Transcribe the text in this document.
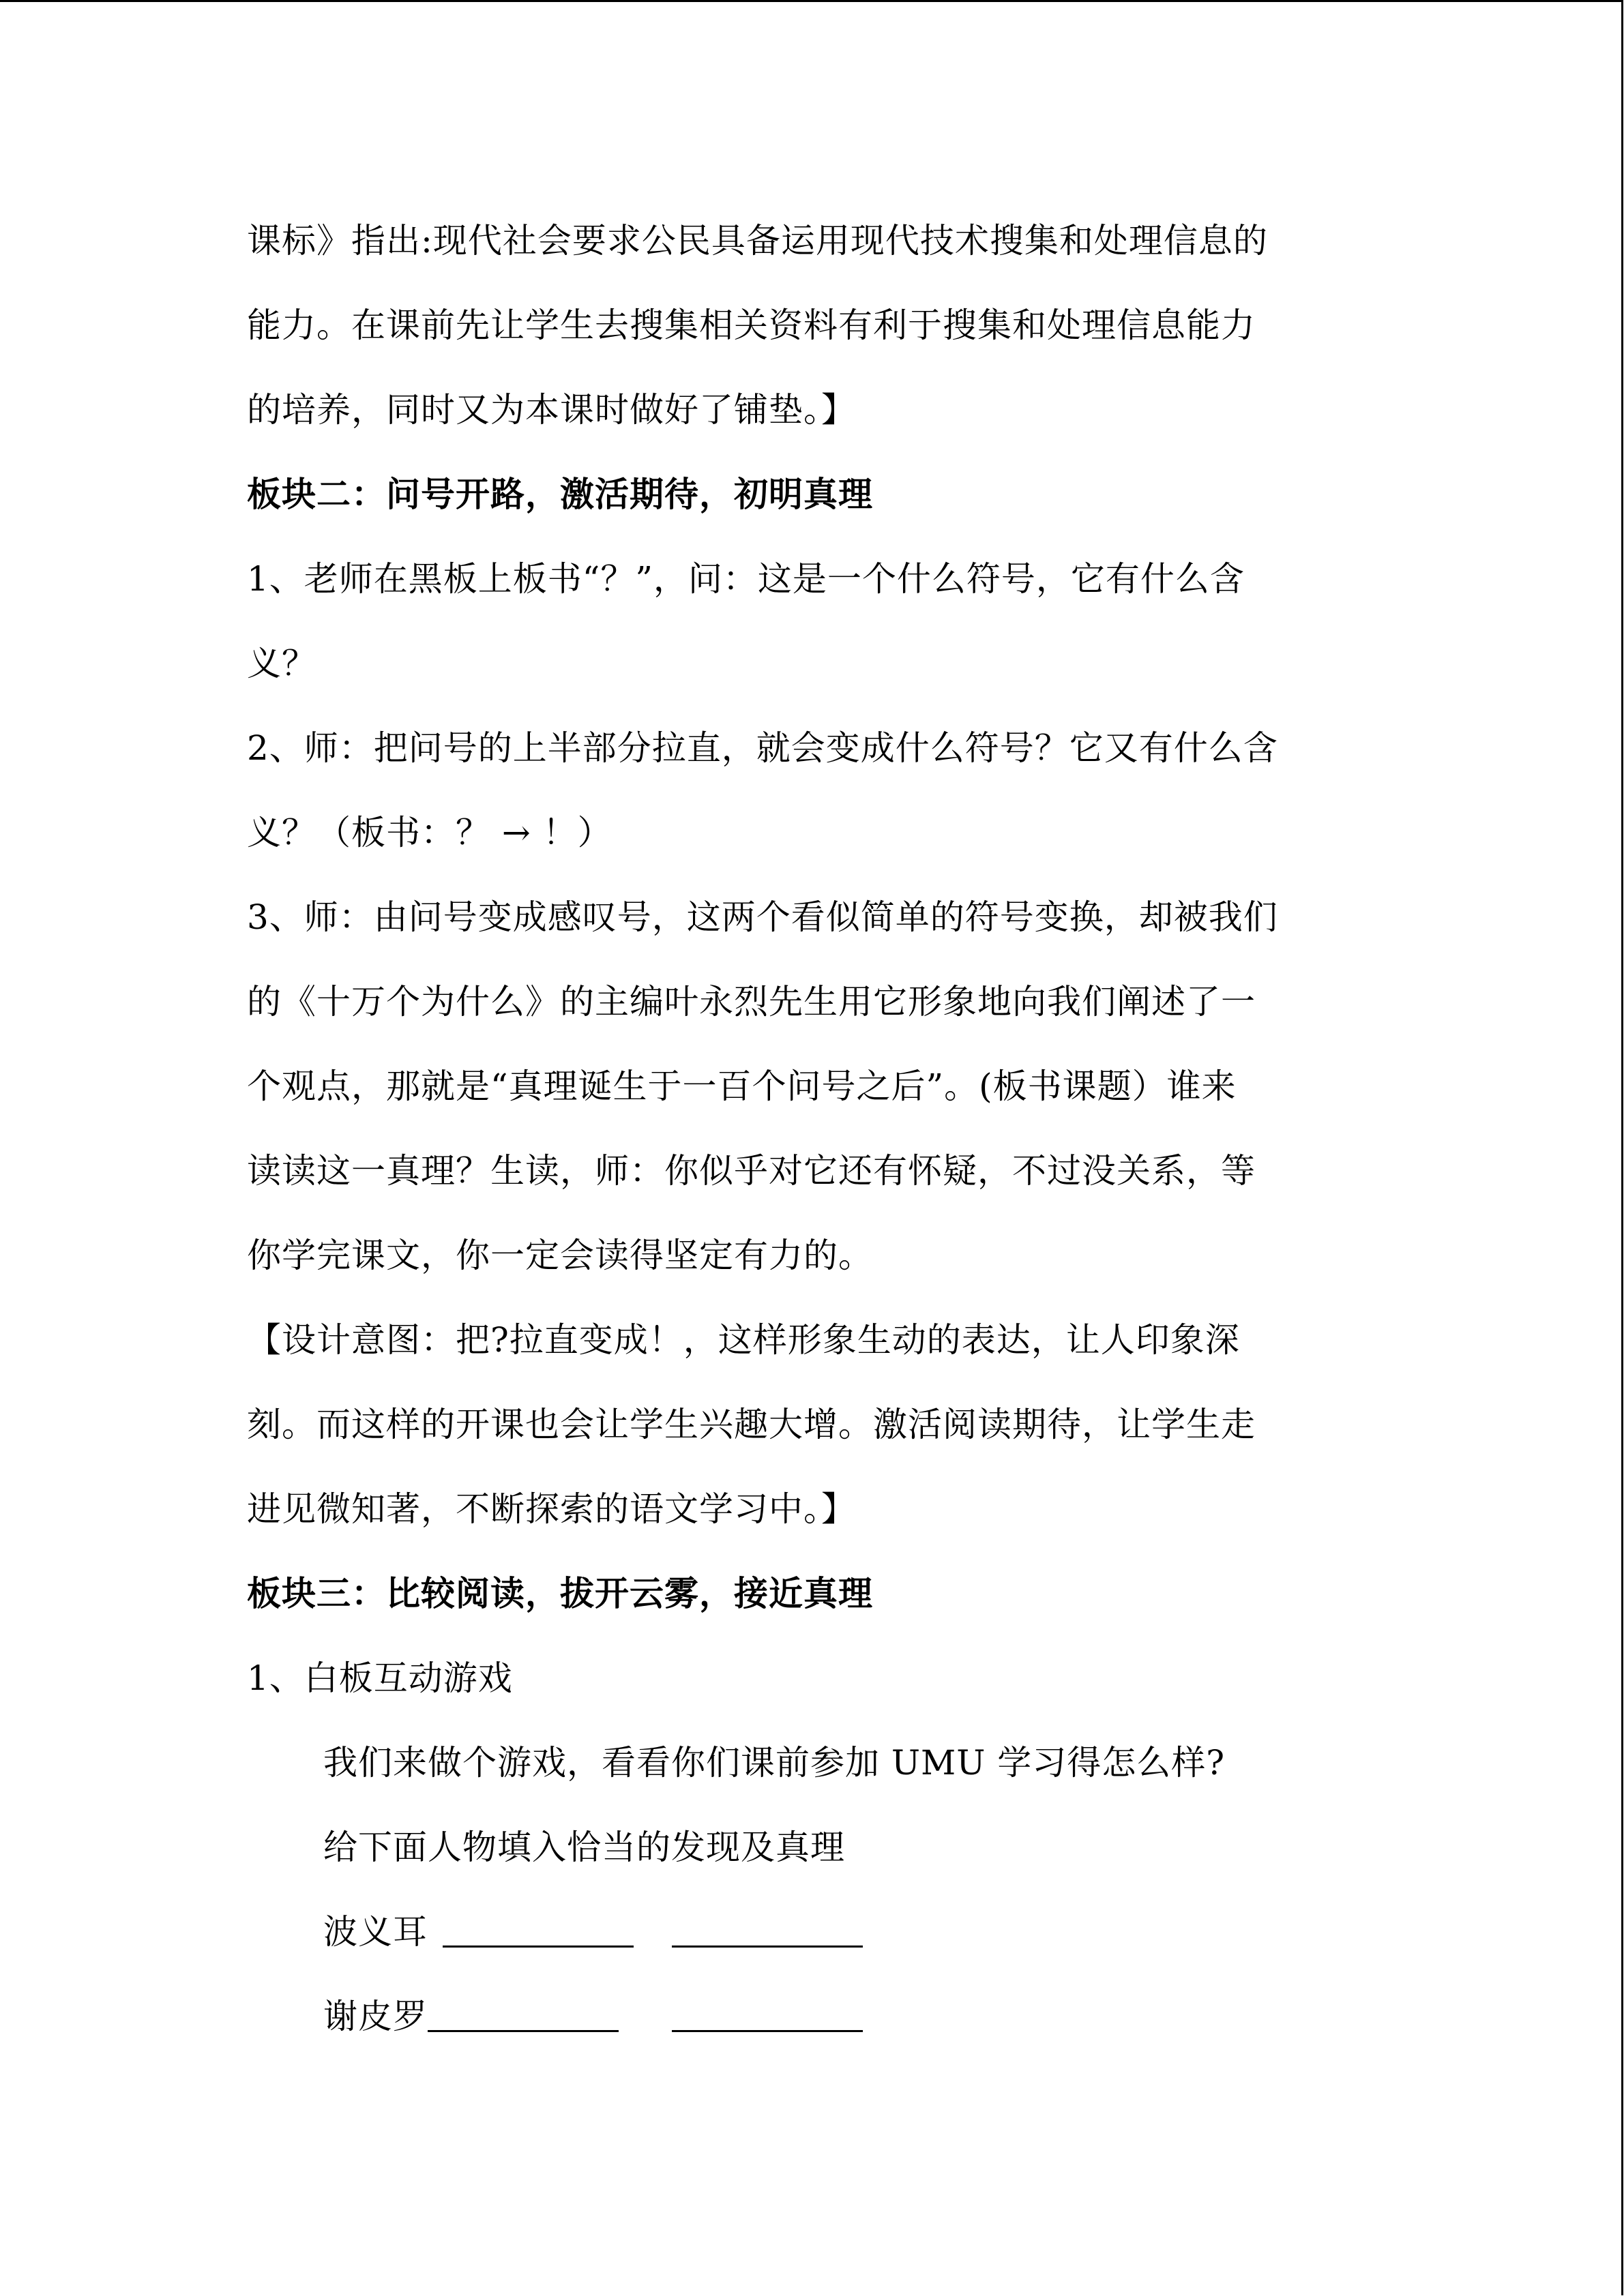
课标》指出:现代社会要求公民具备运用现代技术搜集和处理信息的
能力。在课前先让学生去搜集相关资料有利于搜集和处理信息能力
的培养，同时又为本课时做好了铺垫。】
板块二：问号开路，激活期待，初明真理
1、老师在黑板上板书“？”，问：这是一个什么符号，它有什么含
义？
2、师：把问号的上半部分拉直，就会变成什么符号？它又有什么含
义？（板书：？ → ！）
3、师：由问号变成感叹号，这两个看似简单的符号变换，却被我们
的《十万个为什么》的主编叶永烈先生用它形象地向我们阐述了一
个观点，那就是“真理诞生于一百个问号之后”。(板书课题）谁来
读读这一真理？生读，师：你似乎对它还有怀疑，不过没关系，等
你学完课文，你一定会读得坚定有力的。
【设计意图：把?拉直变成！，这样形象生动的表达，让人印象深
刻。而这样的开课也会让学生兴趣大增。激活阅读期待，让学生走
进见微知著，不断探索的语文学习中。】
板块三：比较阅读，拔开云雾，接近真理
1、白板互动游戏
我们来做个游戏，看看你们课前参加 UMU 学习得怎么样?
给下面人物填入恰当的发现及真理
波义耳
谢皮罗
